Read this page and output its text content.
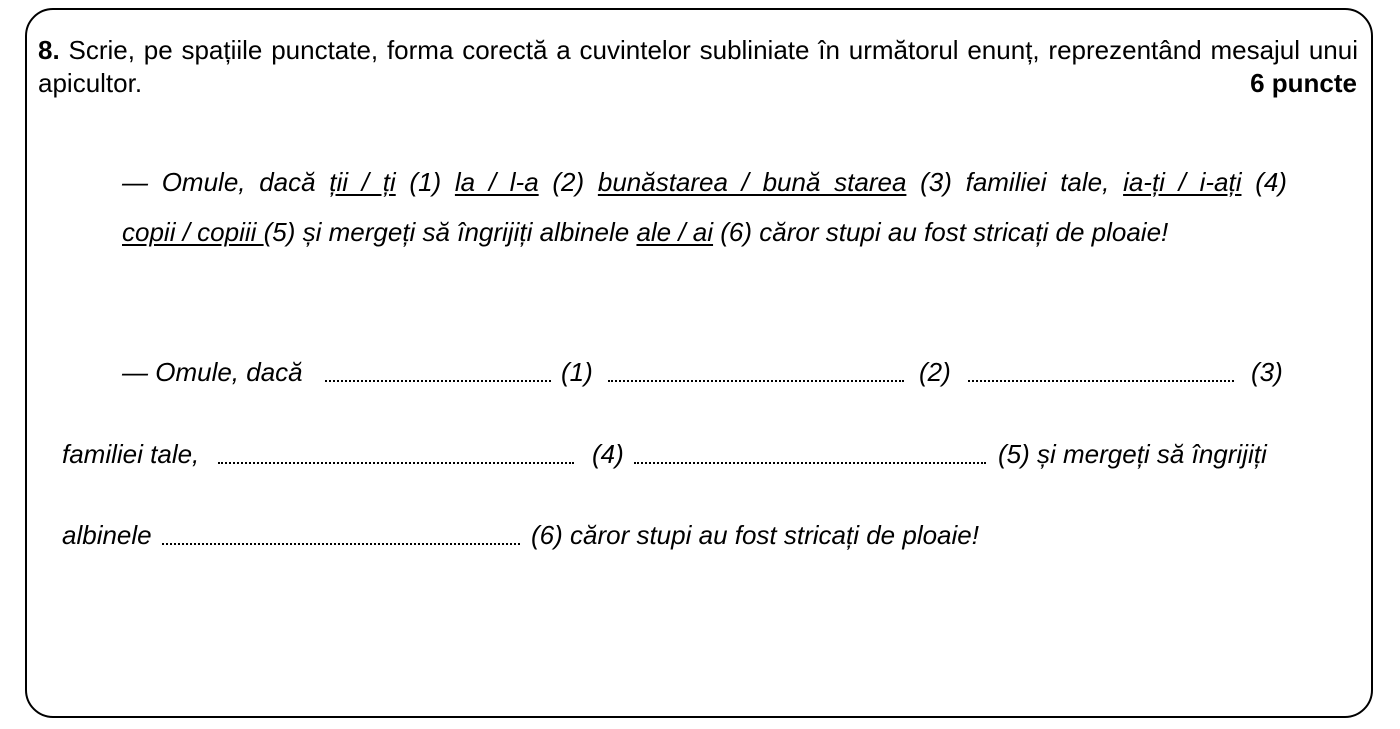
8. Scrie, pe spațiile punctate, forma corectă a cuvintelor subliniate în următorul enunț, reprezentând mesajul unui apicultor.	6 puncte
— Omule, dacă ții / ți (1) la / l-a (2) bunăstarea / bună starea (3) familiei tale, ia-ți / i-ați (4)
copii / copiii (5) și mergeți să îngrijiți albinele ale / ai (6) căror stupi au fost stricați de ploaie!
— Omule, dacă	(1)	(2)	(3)
familiei tale,	(4)	(5) și mergeți să îngrijiți
albinele	(6) căror stupi au fost stricați de ploaie!
